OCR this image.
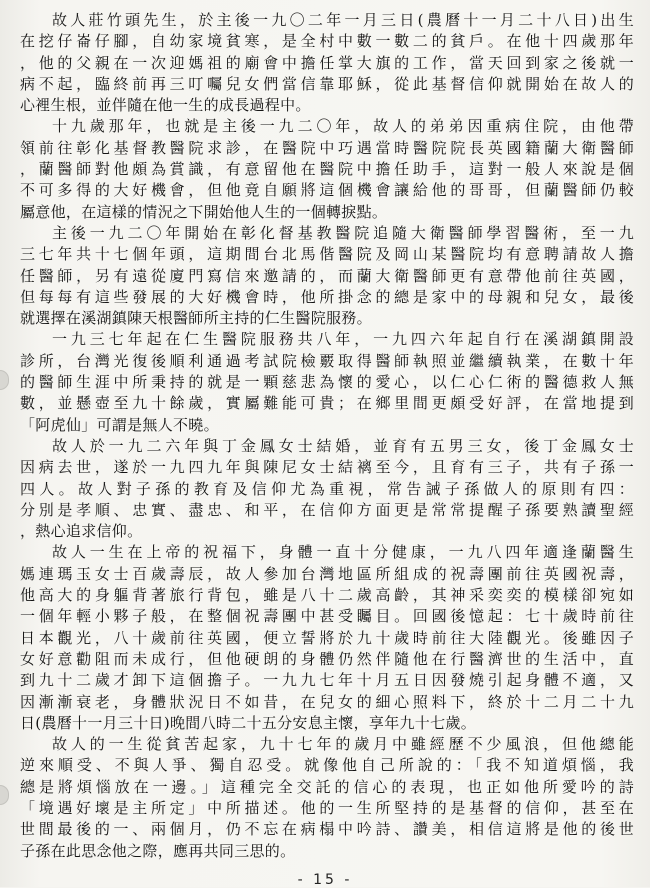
故人莊竹頭先生，於主後一九〇二年一月三日(農曆十一月二十八日)出生
在挖仔崙仔腳，自幼家境貧寒，是全村中數一數二的貧戶。在他十四歲那年
，他的父親在一次迎媽祖的廟會中擔任掌大旗的工作，當天回到家之後就一
病不起，臨終前再三叮囑兒女們當信靠耶穌，從此基督信仰就開始在故人的
心裡生根，並伴隨在他一生的成長過程中。
十九歲那年，也就是主後一九二〇年，故人的弟弟因重病住院，由他帶
領前往彰化基督教醫院求診，在醫院中巧遇當時醫院院長英國籍蘭大衛醫師
，蘭醫師對他頗為賞識，有意留他在醫院中擔任助手，這對一般人來說是個
不可多得的大好機會，但他竟自願將這個機會讓給他的哥哥，但蘭醫師仍較
屬意他，在這樣的情況之下開始他人生的一個轉捩點。
主後一九二〇年開始在彰化督基教醫院追隨大衛醫師學習醫術，至一九
三七年共十七個年頭，這期間台北馬偕醫院及岡山某醫院均有意聘請故人擔
任醫師，另有遠從廈門寫信來邀請的，而蘭大衛醫師更有意帶他前往英國，
但每每有這些發展的大好機會時，他所掛念的總是家中的母親和兒女，最後
就選擇在溪湖鎮陳天根醫師所主持的仁生醫院服務。
一九三七年起在仁生醫院服務共八年，一九四六年起自行在溪湖鎮開設
診所，台灣光復後順利通過考試院檢覈取得醫師執照並繼續執業，在數十年
的醫師生涯中所秉持的就是一顆慈悲為懷的愛心，以仁心仁術的醫德救人無
數，並懸壺至九十餘歲，實屬難能可貴；在鄉里間更頗受好評，在當地提到
「阿虎仙」可謂是無人不曉。
故人於一九二六年與丁金鳳女士結婚，並育有五男三女，後丁金鳳女士
因病去世，遂於一九四九年與陳尼女士結褵至今，且育有三子，共有子孫一
四人。故人對子孫的教育及信仰尤為重視，常告誡子孫做人的原則有四：
分別是孝順、忠實、盡忠、和平，在信仰方面更是常常提醒子孫要熟讀聖經
，熱心追求信仰。
故人一生在上帝的祝福下，身體一直十分健康，一九八四年適逢蘭醫生
媽連瑪玉女士百歲壽辰，故人參加台灣地區所組成的祝壽團前往英國祝壽，
他高大的身軀背著旅行背包，雖是八十二歲高齡，其神采奕奕的模樣卻宛如
一個年輕小夥子般，在整個祝壽團中甚受矚目。回國後憶起：七十歲時前往
日本觀光，八十歲前往英國，便立誓將於九十歲時前往大陸觀光。後雖因子
女好意勸阻而未成行，但他硬朗的身體仍然伴隨他在行醫濟世的生活中，直
到九十二歲才卸下這個擔子。一九九七年十月五日因發燒引起身體不適，又
因漸漸衰老，身體狀況日不如昔，在兒女的細心照料下，終於十二月二十九
日(農曆十一月三十日)晚間八時二十五分安息主懷，享年九十七歲。
故人的一生從貧苦起家，九十七年的歲月中雖經歷不少風浪，但他總能
逆來順受、不與人爭、獨自忍受。就像他自己所說的：「我不知道煩惱，我
總是將煩惱放在一邊。」這種完全交託的信心的表現，也正如他所愛吟的詩
「境遇好壞是主所定」中所描述。他的一生所堅持的是基督的信仰，甚至在
世間最後的一、兩個月，仍不忘在病榻中吟詩、讚美，相信這將是他的後世
子孫在此思念他之際，應再共同三思的。
- 15 -
